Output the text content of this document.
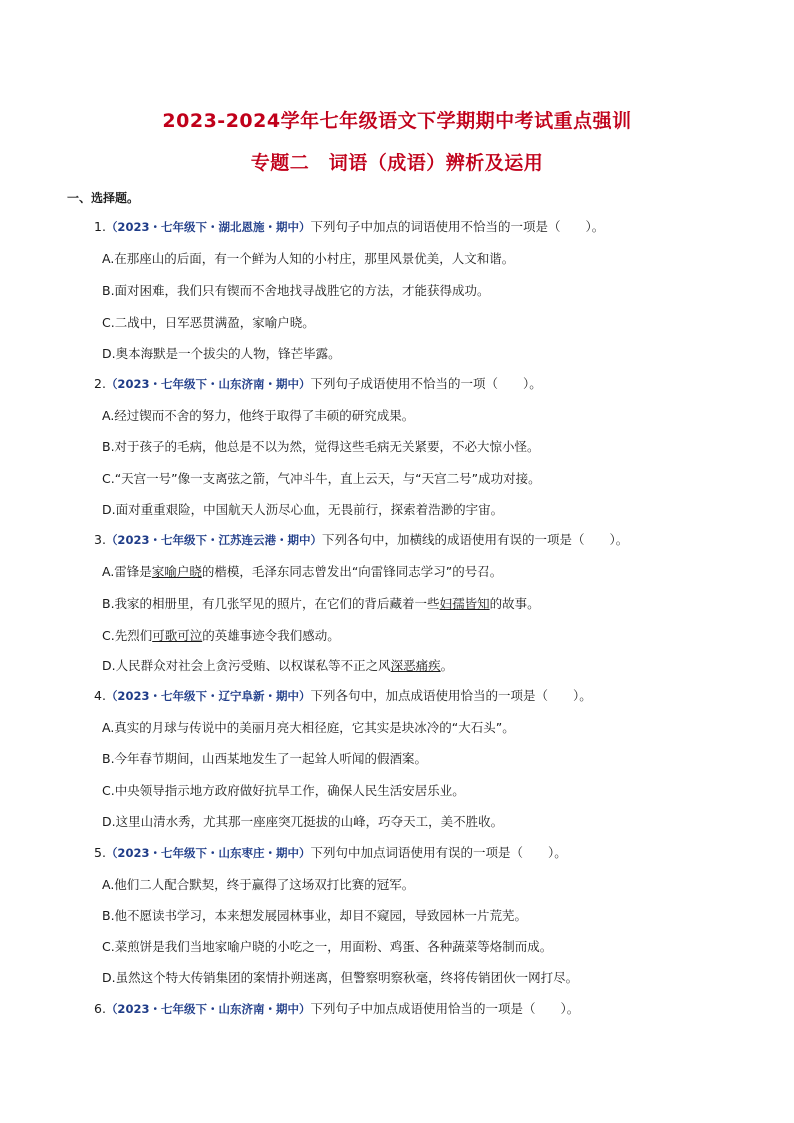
2023-2024学年七年级语文下学期期中考试重点强训
专题二　词语（成语）辨析及运用
一、选择题。
1.（2023・七年级下・湖北恩施・期中）下列句子中加点的词语使用不恰当的一项是（　　）。
A.在那座山的后面，有一个鲜为人知的小村庄，那里风景优美，人文和谐。
B.面对困难，我们只有锲而不舍地找寻战胜它的方法，才能获得成功。
C.二战中，日军恶贯满盈，家喻户晓。
D.奥本海默是一个拔尖的人物，锋芒毕露。
2.（2023・七年级下・山东济南・期中）下列句子成语使用不恰当的一项（　　）。
A.经过锲而不舍的努力，他终于取得了丰硕的研究成果。
B.对于孩子的毛病，他总是不以为然，觉得这些毛病无关紧要，不必大惊小怪。
C.“天宫一号”像一支离弦之箭，气冲斗牛，直上云天，与“天宫二号”成功对接。
D.面对重重艰险，中国航天人沥尽心血，无畏前行，探索着浩渺的宇宙。
3.（2023・七年级下・江苏连云港・期中）下列各句中，加横线的成语使用有误的一项是（　　）。
A.雷锋是家喻户晓的楷模，毛泽东同志曾发出“向雷锋同志学习”的号召。
B.我家的相册里，有几张罕见的照片，在它们的背后藏着一些妇孺皆知的故事。
C.先烈们可歌可泣的英雄事迹令我们感动。
D.人民群众对社会上贪污受贿、以权谋私等不正之风深恶痛疾。
4.（2023・七年级下・辽宁阜新・期中）下列各句中，加点成语使用恰当的一项是（　　）。
A.真实的月球与传说中的美丽月亮大相径庭，它其实是块冰冷的“大石头”。
B.今年春节期间，山西某地发生了一起耸人听闻的假酒案。
C.中央领导指示地方政府做好抗旱工作，确保人民生活安居乐业。
D.这里山清水秀，尤其那一座座突兀挺拔的山峰，巧夺天工，美不胜收。
5.（2023・七年级下・山东枣庄・期中）下列句中加点词语使用有误的一项是（　　）。
A.他们二人配合默契，终于赢得了这场双打比赛的冠军。
B.他不愿读书学习，本来想发展园林事业，却目不窥园，导致园林一片荒芜。
C.菜煎饼是我们当地家喻户晓的小吃之一，用面粉、鸡蛋、各种蔬菜等烙制而成。
D.虽然这个特大传销集团的案情扑朔迷离，但警察明察秋毫，终将传销团伙一网打尽。
6.（2023・七年级下・山东济南・期中）下列句子中加点成语使用恰当的一项是（　　）。
